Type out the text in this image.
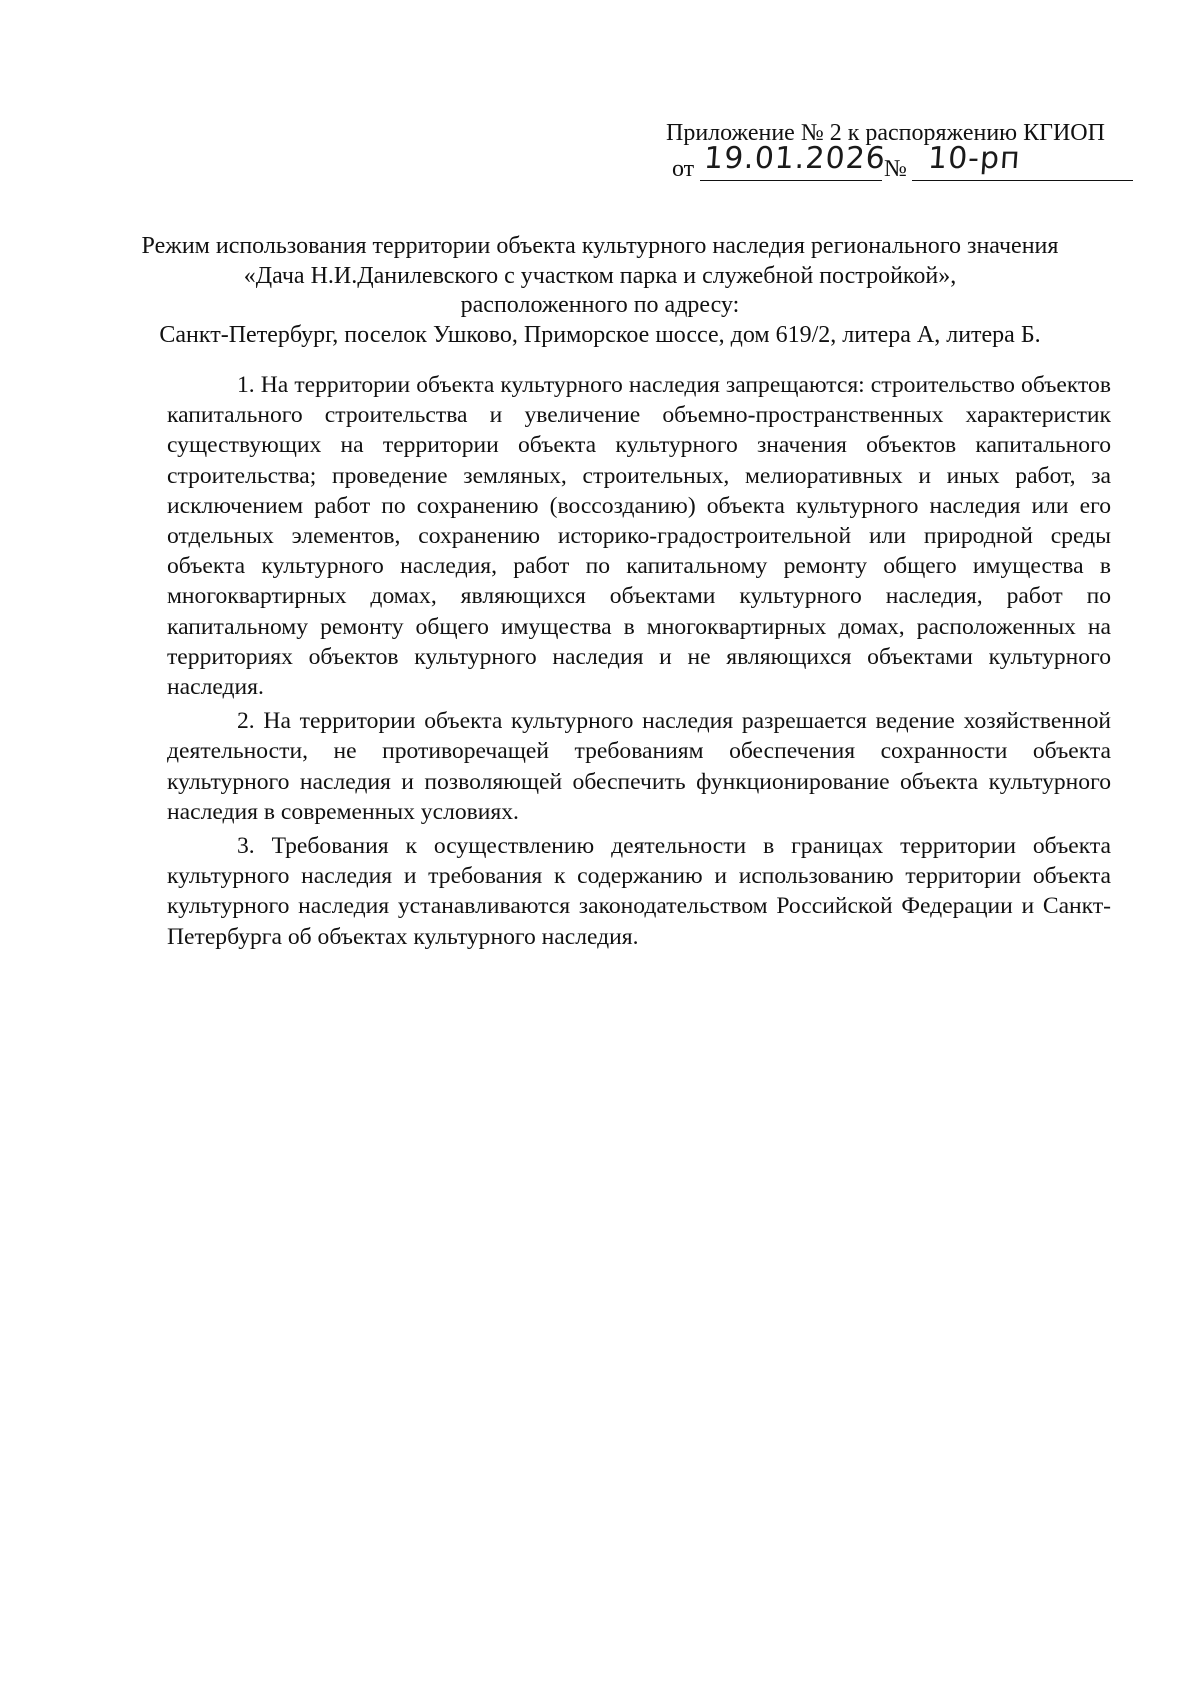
Приложение № 2 к распоряжению КГИОП
от 19.01.2026
№ 10-рп
Режим использования территории объекта культурного наследия регионального значения
«Дача Н.И.Данилевского с участком парка и служебной постройкой»,
расположенного по адресу:
Санкт-Петербург, поселок Ушково, Приморское шоссе, дом 619/2, литера А, литера Б.

1. На территории объекта культурного наследия запрещаются: строительство объектов капитального строительства и увеличение объемно-пространственных характеристик существующих на территории объекта культурного значения объектов капитального строительства; проведение земляных, строительных, мелиоративных и иных работ, за исключением работ по сохранению (воссозданию) объекта культурного наследия или его отдельных элементов, сохранению историко-градостроительной или природной среды объекта культурного наследия, работ по капитальному ремонту общего имущества в многоквартирных домах, являющихся объектами культурного наследия, работ по капитальному ремонту общего имущества в многоквартирных домах, расположенных на территориях объектов культурного наследия и не являющихся объектами культурного наследия.

2. На территории объекта культурного наследия разрешается ведение хозяйственной деятельности, не противоречащей требованиям обеспечения сохранности объекта культурного наследия и позволяющей обеспечить функционирование объекта культурного наследия в современных условиях.

3. Требования к осуществлению деятельности в границах территории объекта культурного наследия и требования к содержанию и использованию территории объекта культурного наследия устанавливаются законодательством Российской Федерации и Санкт-Петербурга об объектах культурного наследия.
